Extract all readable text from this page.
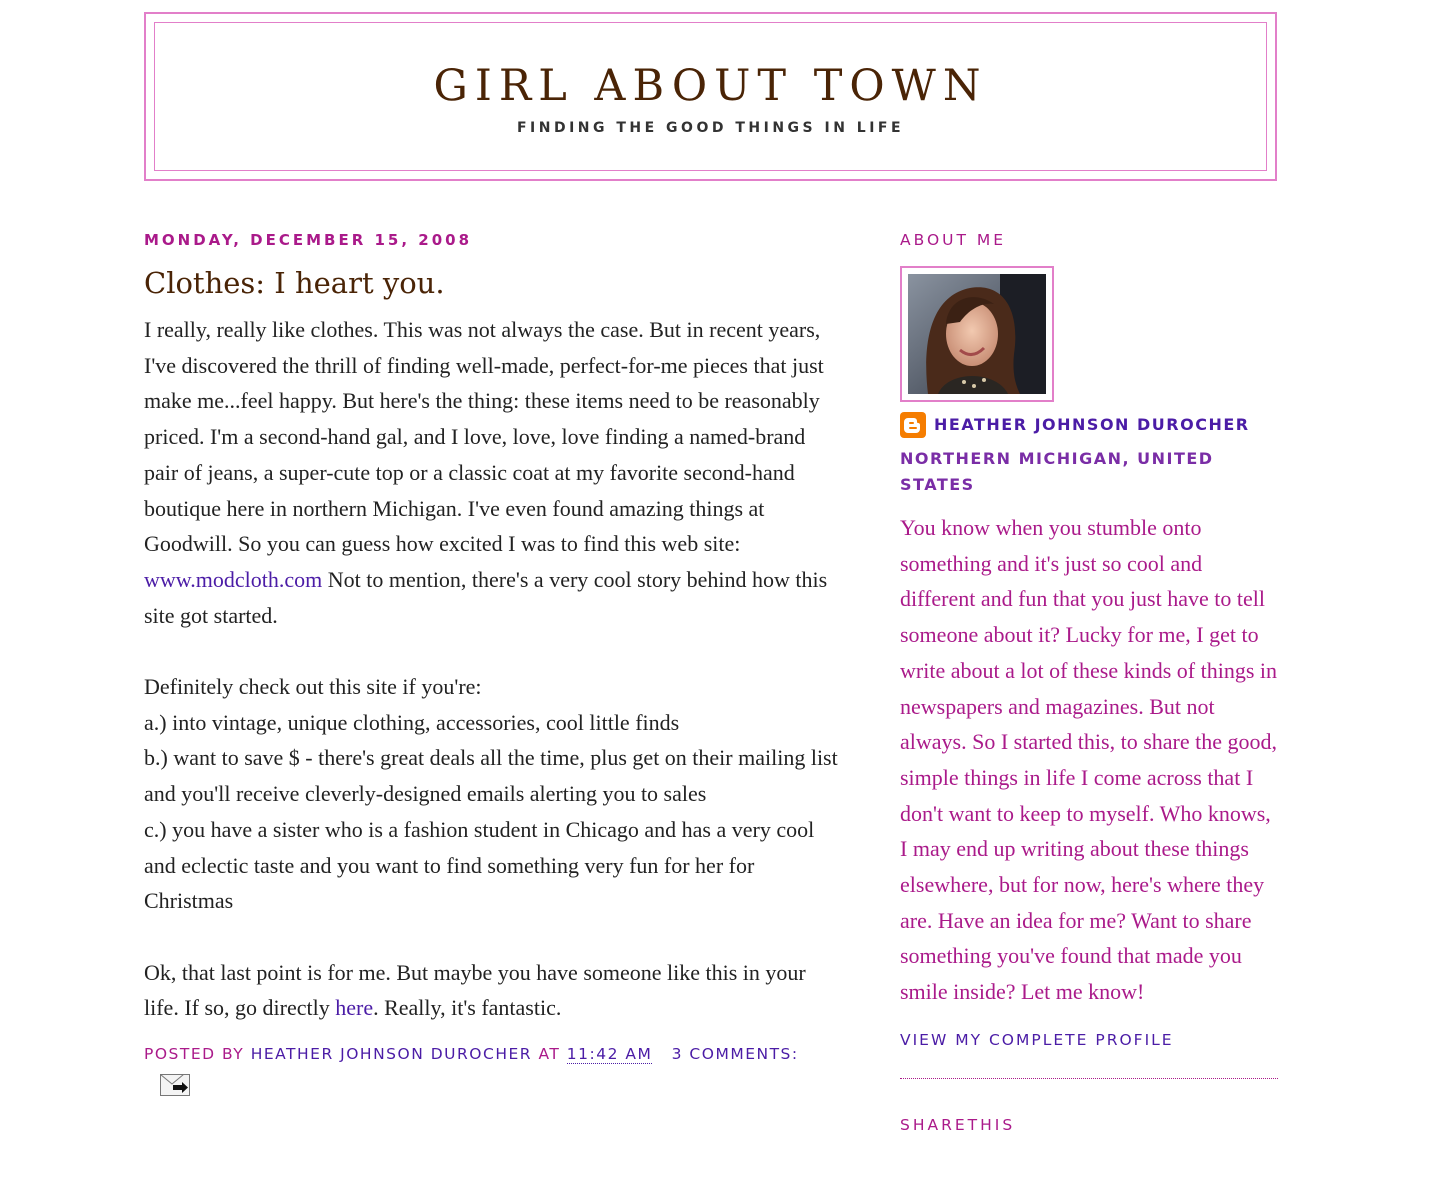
GIRL ABOUT TOWN
FINDING THE GOOD THINGS IN LIFE
MONDAY, DECEMBER 15, 2008
Clothes: I heart you.

I really, really like clothes. This was not always the case. But in recent years, I've discovered the thrill of finding well-made, perfect-for-me pieces that just make me...feel happy. But here's the thing: these items need to be reasonably priced. I'm a second-hand gal, and I love, love, love finding a named-brand pair of jeans, a super-cute top or a classic coat at my favorite second-hand boutique here in northern Michigan. I've even found amazing things at Goodwill. So you can guess how excited I was to find this web site: www.modcloth.com Not to mention, there's a very cool story behind how this site got started.

Definitely check out this site if you're:

a.) into vintage, unique clothing, accessories, cool little finds

b.) want to save $ - there's great deals all the time, plus get on their mailing list and you'll receive cleverly-designed emails alerting you to sales

c.) you have a sister who is a fashion student in Chicago and has a very cool and eclectic taste and you want to find something very fun for her for Christmas

Ok, that last point is for me. But maybe you have someone like this in your life. If so, go directly here. Really, it's fantastic.

POSTED BY HEATHER JOHNSON DUROCHER AT 11:42 AM 3 COMMENTS:
ABOUT ME
HEATHER JOHNSON DUROCHER
NORTHERN MICHIGAN, UNITED STATES
You know when you stumble onto something and it's just so cool and different and fun that you just have to tell someone about it? Lucky for me, I get to write about a lot of these kinds of things in newspapers and magazines. But not always. So I started this, to share the good, simple things in life I come across that I don't want to keep to myself. Who knows, I may end up writing about these things elsewhere, but for now, here's where they are. Have an idea for me? Want to share something you've found that made you smile inside? Let me know!
VIEW MY COMPLETE PROFILE
SHARETHIS
